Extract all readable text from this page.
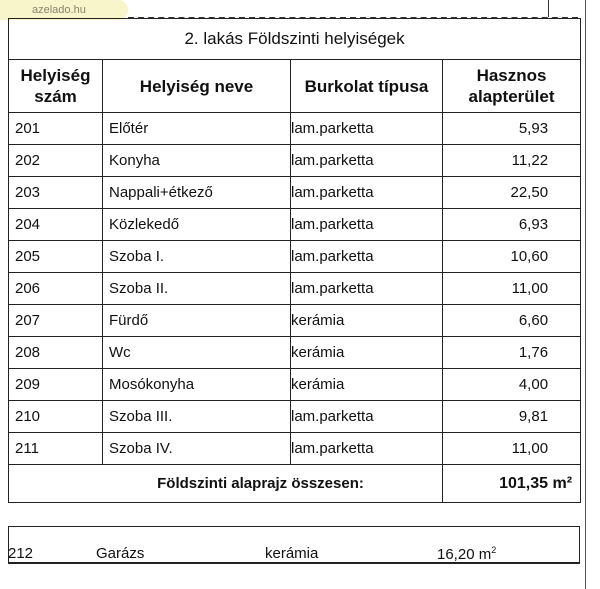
azelado.hu
2. lakás Földszinti helyiségek			
Helyiség
szám	Helyiség neve	Burkolat típusa	Hasznos
alapterület
201	Előtér	lam.parketta	5,93
202	Konyha	lam.parketta	11,22
203	Nappali+étkező	lam.parketta	22,50
204	Közlekedő	lam.parketta	6,93
205	Szoba I.	lam.parketta	10,60
206	Szoba II.	lam.parketta	11,00
207	Fürdő	kerámia	6,60
208	Wc	kerámia	1,76
209	Mosókonyha	kerámia	4,00
210	Szoba III.	lam.parketta	9,81
211	Szoba IV.	lam.parketta	11,00
Földszinti alaprajz összesen:			101,35 m²
212	Garázs	kerámia	16,20 $m^2$
